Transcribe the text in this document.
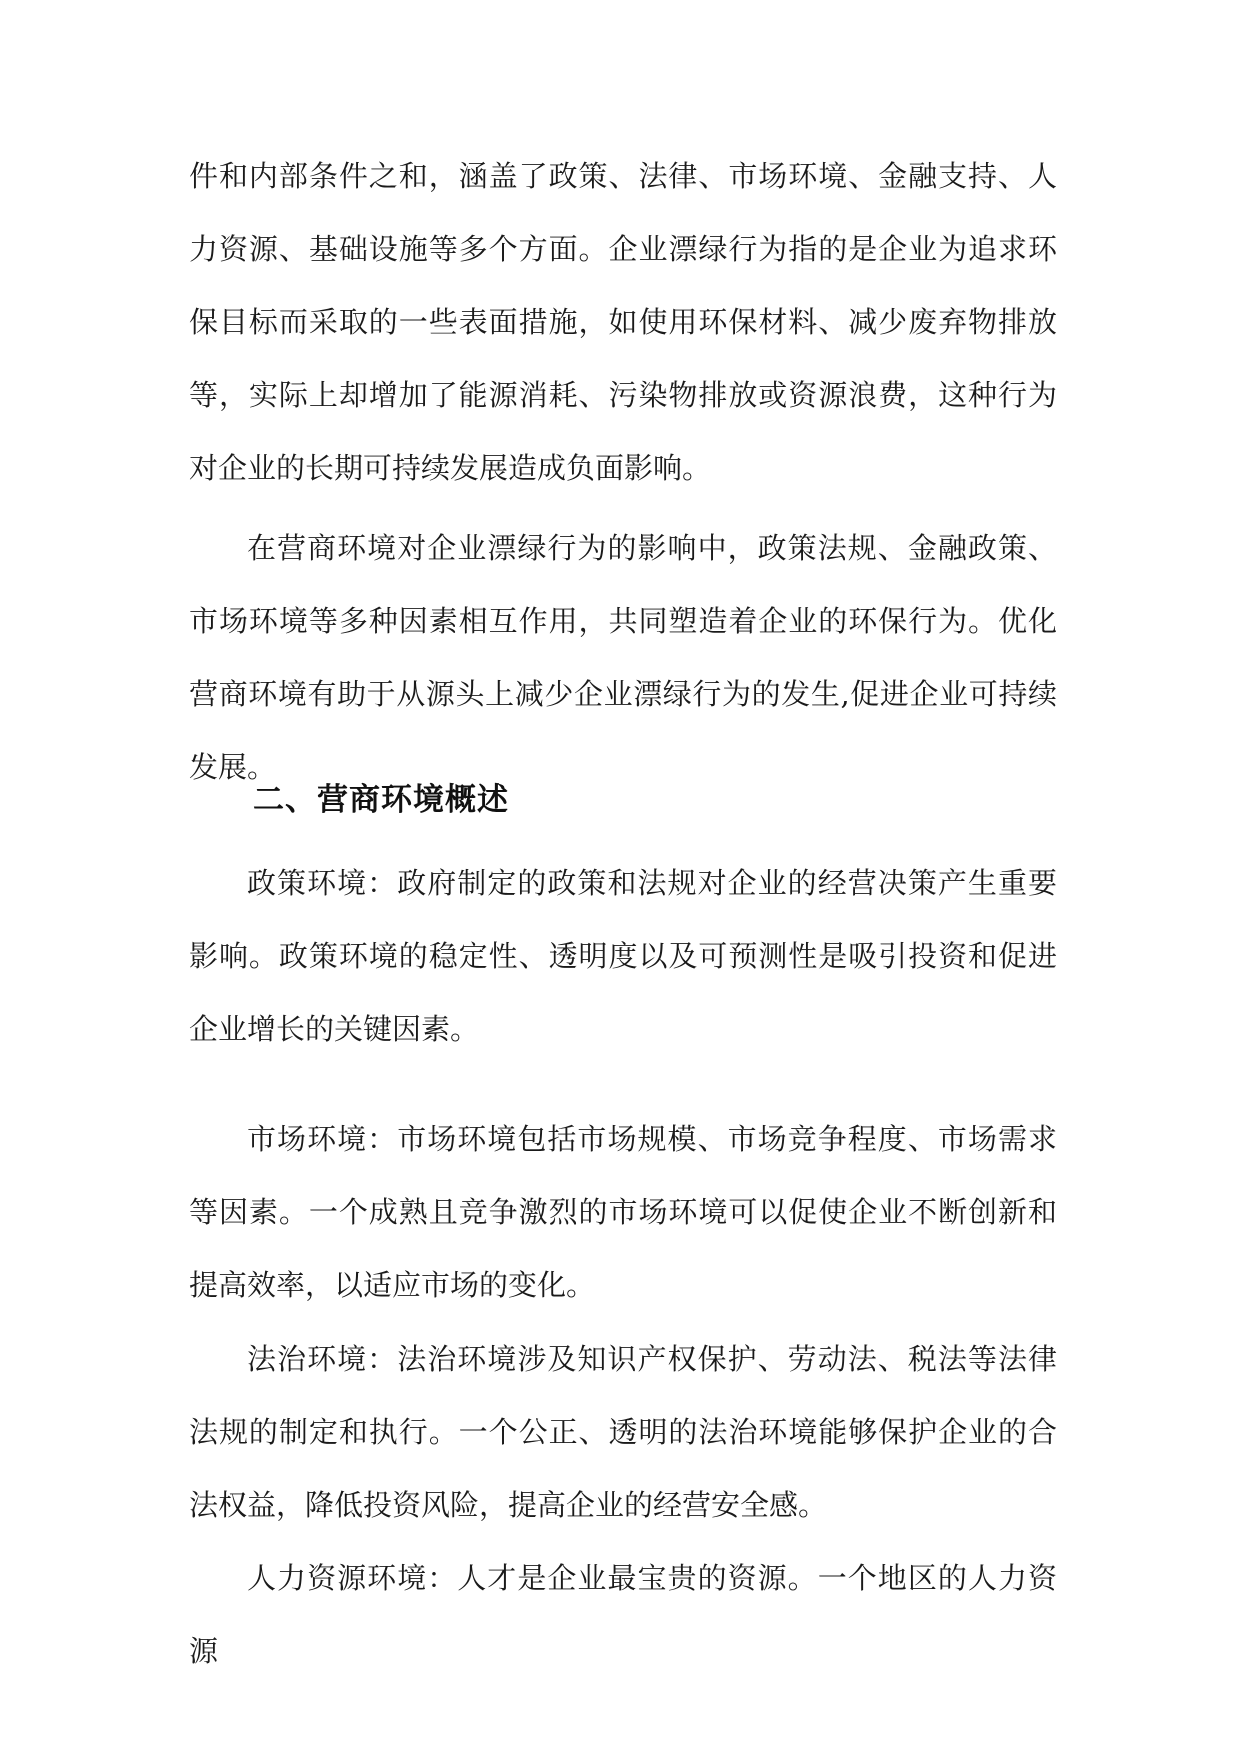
件和内部条件之和，涵盖了政策、法律、市场环境、金融支持、人力资源、基础设施等多个方面。企业漂绿行为指的是企业为追求环保目标而采取的一些表面措施，如使用环保材料、减少废弃物排放等，实际上却增加了能源消耗、污染物排放或资源浪费，这种行为对企业的长期可持续发展造成负面影响。

在营商环境对企业漂绿行为的影响中，政策法规、金融政策、市场环境等多种因素相互作用，共同塑造着企业的环保行为。优化营商环境有助于从源头上减少企业漂绿行为的发生,促进企业可持续发展。

二、营商环境概述

政策环境：政府制定的政策和法规对企业的经营决策产生重要影响。政策环境的稳定性、透明度以及可预测性是吸引投资和促进企业增长的关键因素。

市场环境：市场环境包括市场规模、市场竞争程度、市场需求等因素。一个成熟且竞争激烈的市场环境可以促使企业不断创新和提高效率，以适应市场的变化。

法治环境：法治环境涉及知识产权保护、劳动法、税法等法律法规的制定和执行。一个公正、透明的法治环境能够保护企业的合法权益，降低投资风险，提高企业的经营安全感。

人力资源环境：人才是企业最宝贵的资源。一个地区的人力资源
